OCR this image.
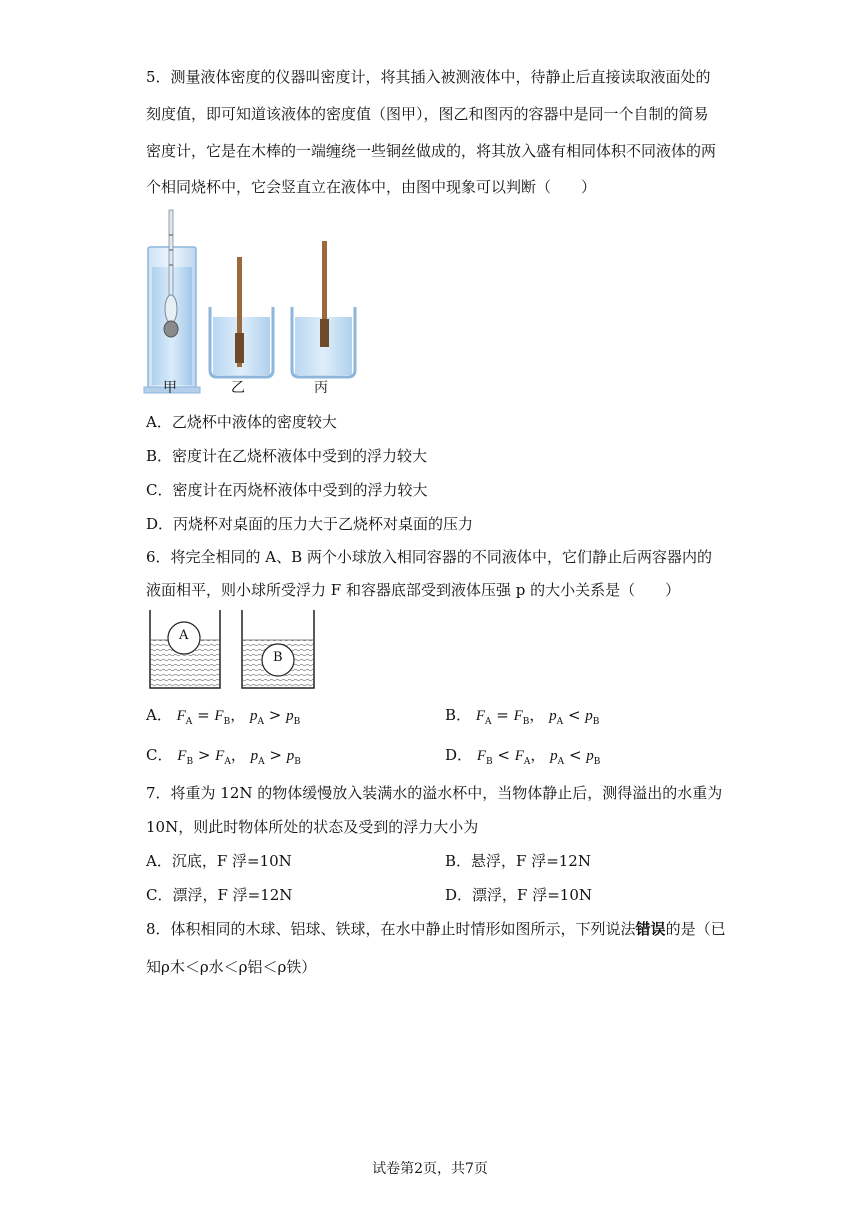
5．测量液体密度的仪器叫密度计，将其插入被测液体中，待静止后直接读取液面处的
刻度值，即可知道该液体的密度值（图甲），图乙和图丙的容器中是同一个自制的简易
密度计，它是在木棒的一端缠绕一些铜丝做成的，将其放入盛有相同体积不同液体的两
个相同烧杯中，它会竖直立在液体中，由图中现象可以判断（　　）
甲	乙	丙
A．乙烧杯中液体的密度较大
B．密度计在乙烧杯液体中受到的浮力较大
C．密度计在丙烧杯液体中受到的浮力较大
D．丙烧杯对桌面的压力大于乙烧杯对桌面的压力
6．将完全相同的 A、B 两个小球放入相同容器的不同液体中，它们静止后两容器内的
液面相平，则小球所受浮力 F 和容器底部受到液体压强 p 的大小关系是（　　）
A
B
A． $F_A = F_B$， $p_A > p_B$	B． $F_A = F_B$， $p_A < p_B$
C． $F_B > F_A$， $p_A > p_B$	D． $F_B < F_A$， $p_A < p_B$
7．将重为 12N 的物体缓慢放入装满水的溢水杯中，当物体静止后，测得溢出的水重为
10N，则此时物体所处的状态及受到的浮力大小为
A．沉底，F 浮=10N	B．悬浮，F 浮=12N
C．漂浮，F 浮=12N	D．漂浮，F 浮=10N
8．体积相同的木球、铝球、铁球，在水中静止时情形如图所示，下列说法错误的是（已
知ρ木＜ρ水＜ρ铝＜ρ铁）
试卷第2页，共7页
